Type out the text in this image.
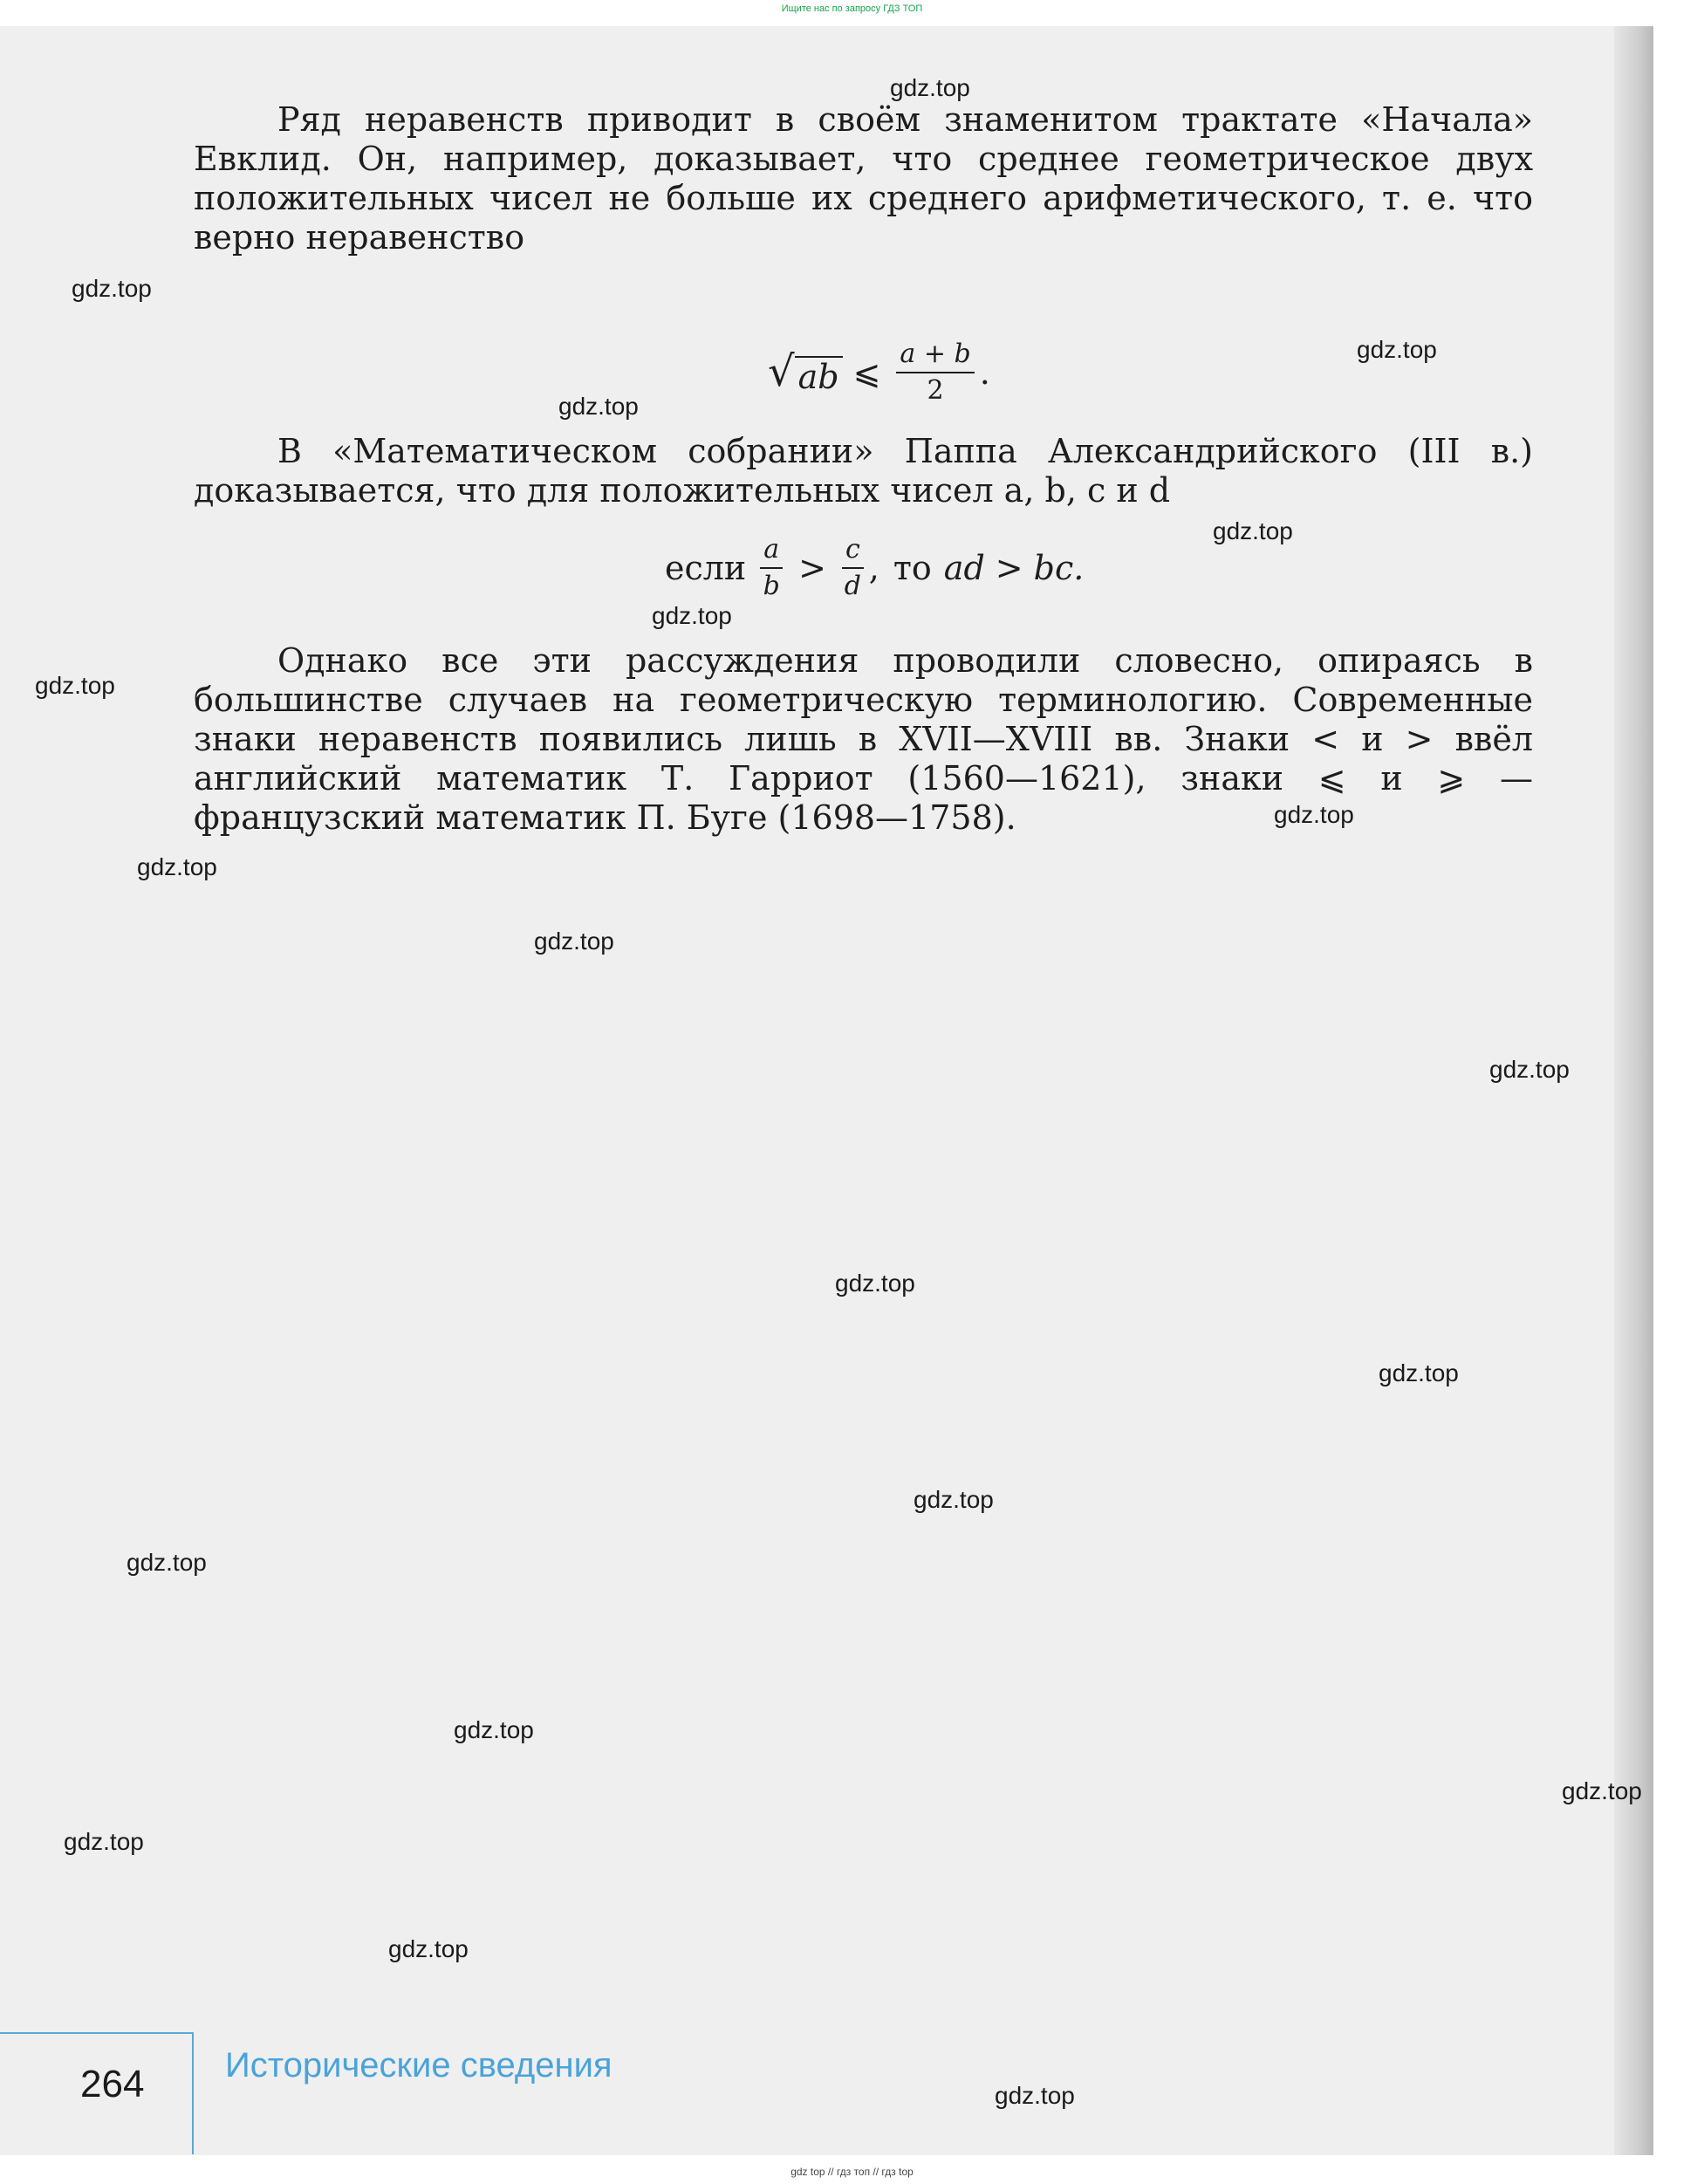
Ищите нас по запросу ГДЗ ТОП

Ряд неравенств приводит в своём знаменитом трактате «Начала» Евклид. Он, например, доказывает, что среднее геометрическое двух положительных чисел не больше их среднего арифметического, т. е. что верно неравенство

√ ab ⩽ $\frac{a + b}{2}$ .

В «Математическом собрании» Паппа Александрийского (III в.) доказывается, что для положительных чисел a, b, c и d

если $\frac{a}{b} > \frac{c}{d}$ , то ad > bc.

Однако все эти рассуждения проводили словесно, опираясь в большинстве случаев на геометрическую терминологию. Современные знаки неравенств появились лишь в XVII—XVIII вв. Знаки < и > ввёл английский математик Т. Гарриот (1560—1621), знаки ⩽ и ⩾ — французский математик П. Буге (1698—1758).

264 Исторические сведения
gdz.top
gdz.top
gdz.top
gdz.top
gdz.top
gdz.top
gdz.top
gdz.top
gdz.top
gdz.top
gdz.top
gdz.top
gdz.top
gdz.top
gdz.top
gdz.top
gdz.top
gdz.top
gdz.top
gdz.top
gdz top // гдз топ // гдз top
